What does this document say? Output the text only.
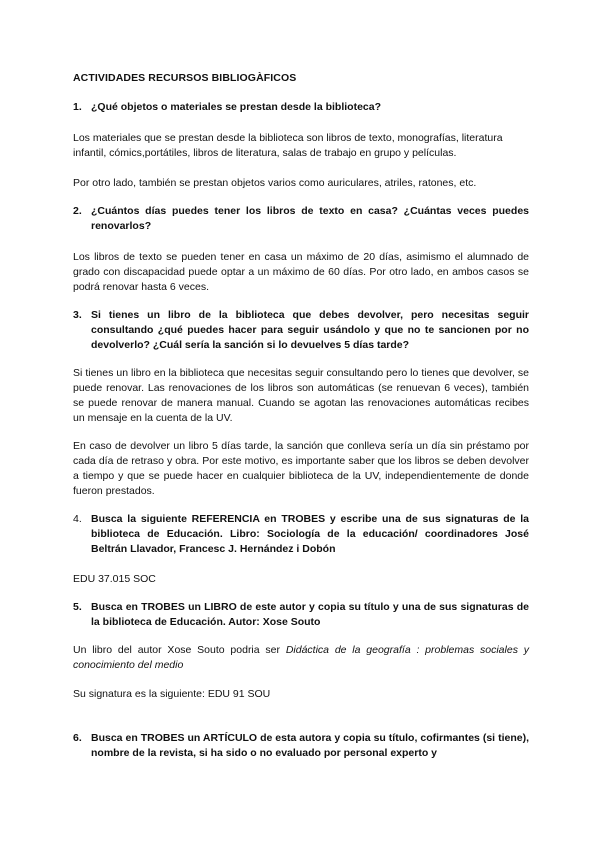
ACTIVIDADES RECURSOS BIBLIOGÀFICOS
1. ¿Qué objetos o materiales se prestan desde la biblioteca?
Los materiales que se prestan desde la biblioteca son libros de texto, monografías, literatura infantil, cómics,portátiles, libros de literatura, salas de trabajo en grupo y películas.
Por otro lado, también se prestan objetos varios como auriculares, atriles, ratones, etc.
2. ¿Cuántos días puedes tener los libros de texto en casa? ¿Cuántas veces puedes renovarlos?
Los libros de texto se pueden tener en casa un máximo de 20 días, asimismo el alumnado de grado con discapacidad puede optar a un máximo de 60 días. Por otro lado, en ambos casos se podrá renovar hasta 6 veces.
3. Si tienes un libro de la biblioteca que debes devolver, pero necesitas seguir consultando ¿qué puedes hacer para seguir usándolo y que no te sancionen por no devolverlo? ¿Cuál sería la sanción si lo devuelves 5 días tarde?
Si tienes un libro en la biblioteca que necesitas seguir consultando pero lo tienes que devolver, se puede renovar. Las renovaciones de los libros son automáticas (se renuevan 6 veces), también se puede renovar de manera manual. Cuando se agotan las renovaciones automáticas recibes un mensaje en la cuenta de la UV.
En caso de devolver un libro 5 días tarde, la sanción que conlleva sería un día sin préstamo por cada día de retraso y obra. Por este motivo, es importante saber que los libros se deben devolver a tiempo y que se puede hacer en cualquier biblioteca de la UV, independientemente de donde fueron prestados.
4. Busca la siguiente REFERENCIA en TROBES y escribe una de sus signaturas de la biblioteca de Educación. Libro: Sociología de la educación/ coordinadores José Beltrán Llavador, Francesc J. Hernández i Dobón
EDU 37.015 SOC
5. Busca en TROBES un LIBRO de este autor y copia su título y una de sus signaturas de la biblioteca de Educación. Autor: Xose Souto
Un libro del autor Xose Souto podria ser Didáctica de la geografía : problemas sociales y conocimiento del medio
Su signatura es la siguiente: EDU 91 SOU
6. Busca en TROBES un ARTÍCULO de esta autora y copia su título, cofirmantes (si tiene), nombre de la revista, si ha sido o no evaluado por personal experto y
